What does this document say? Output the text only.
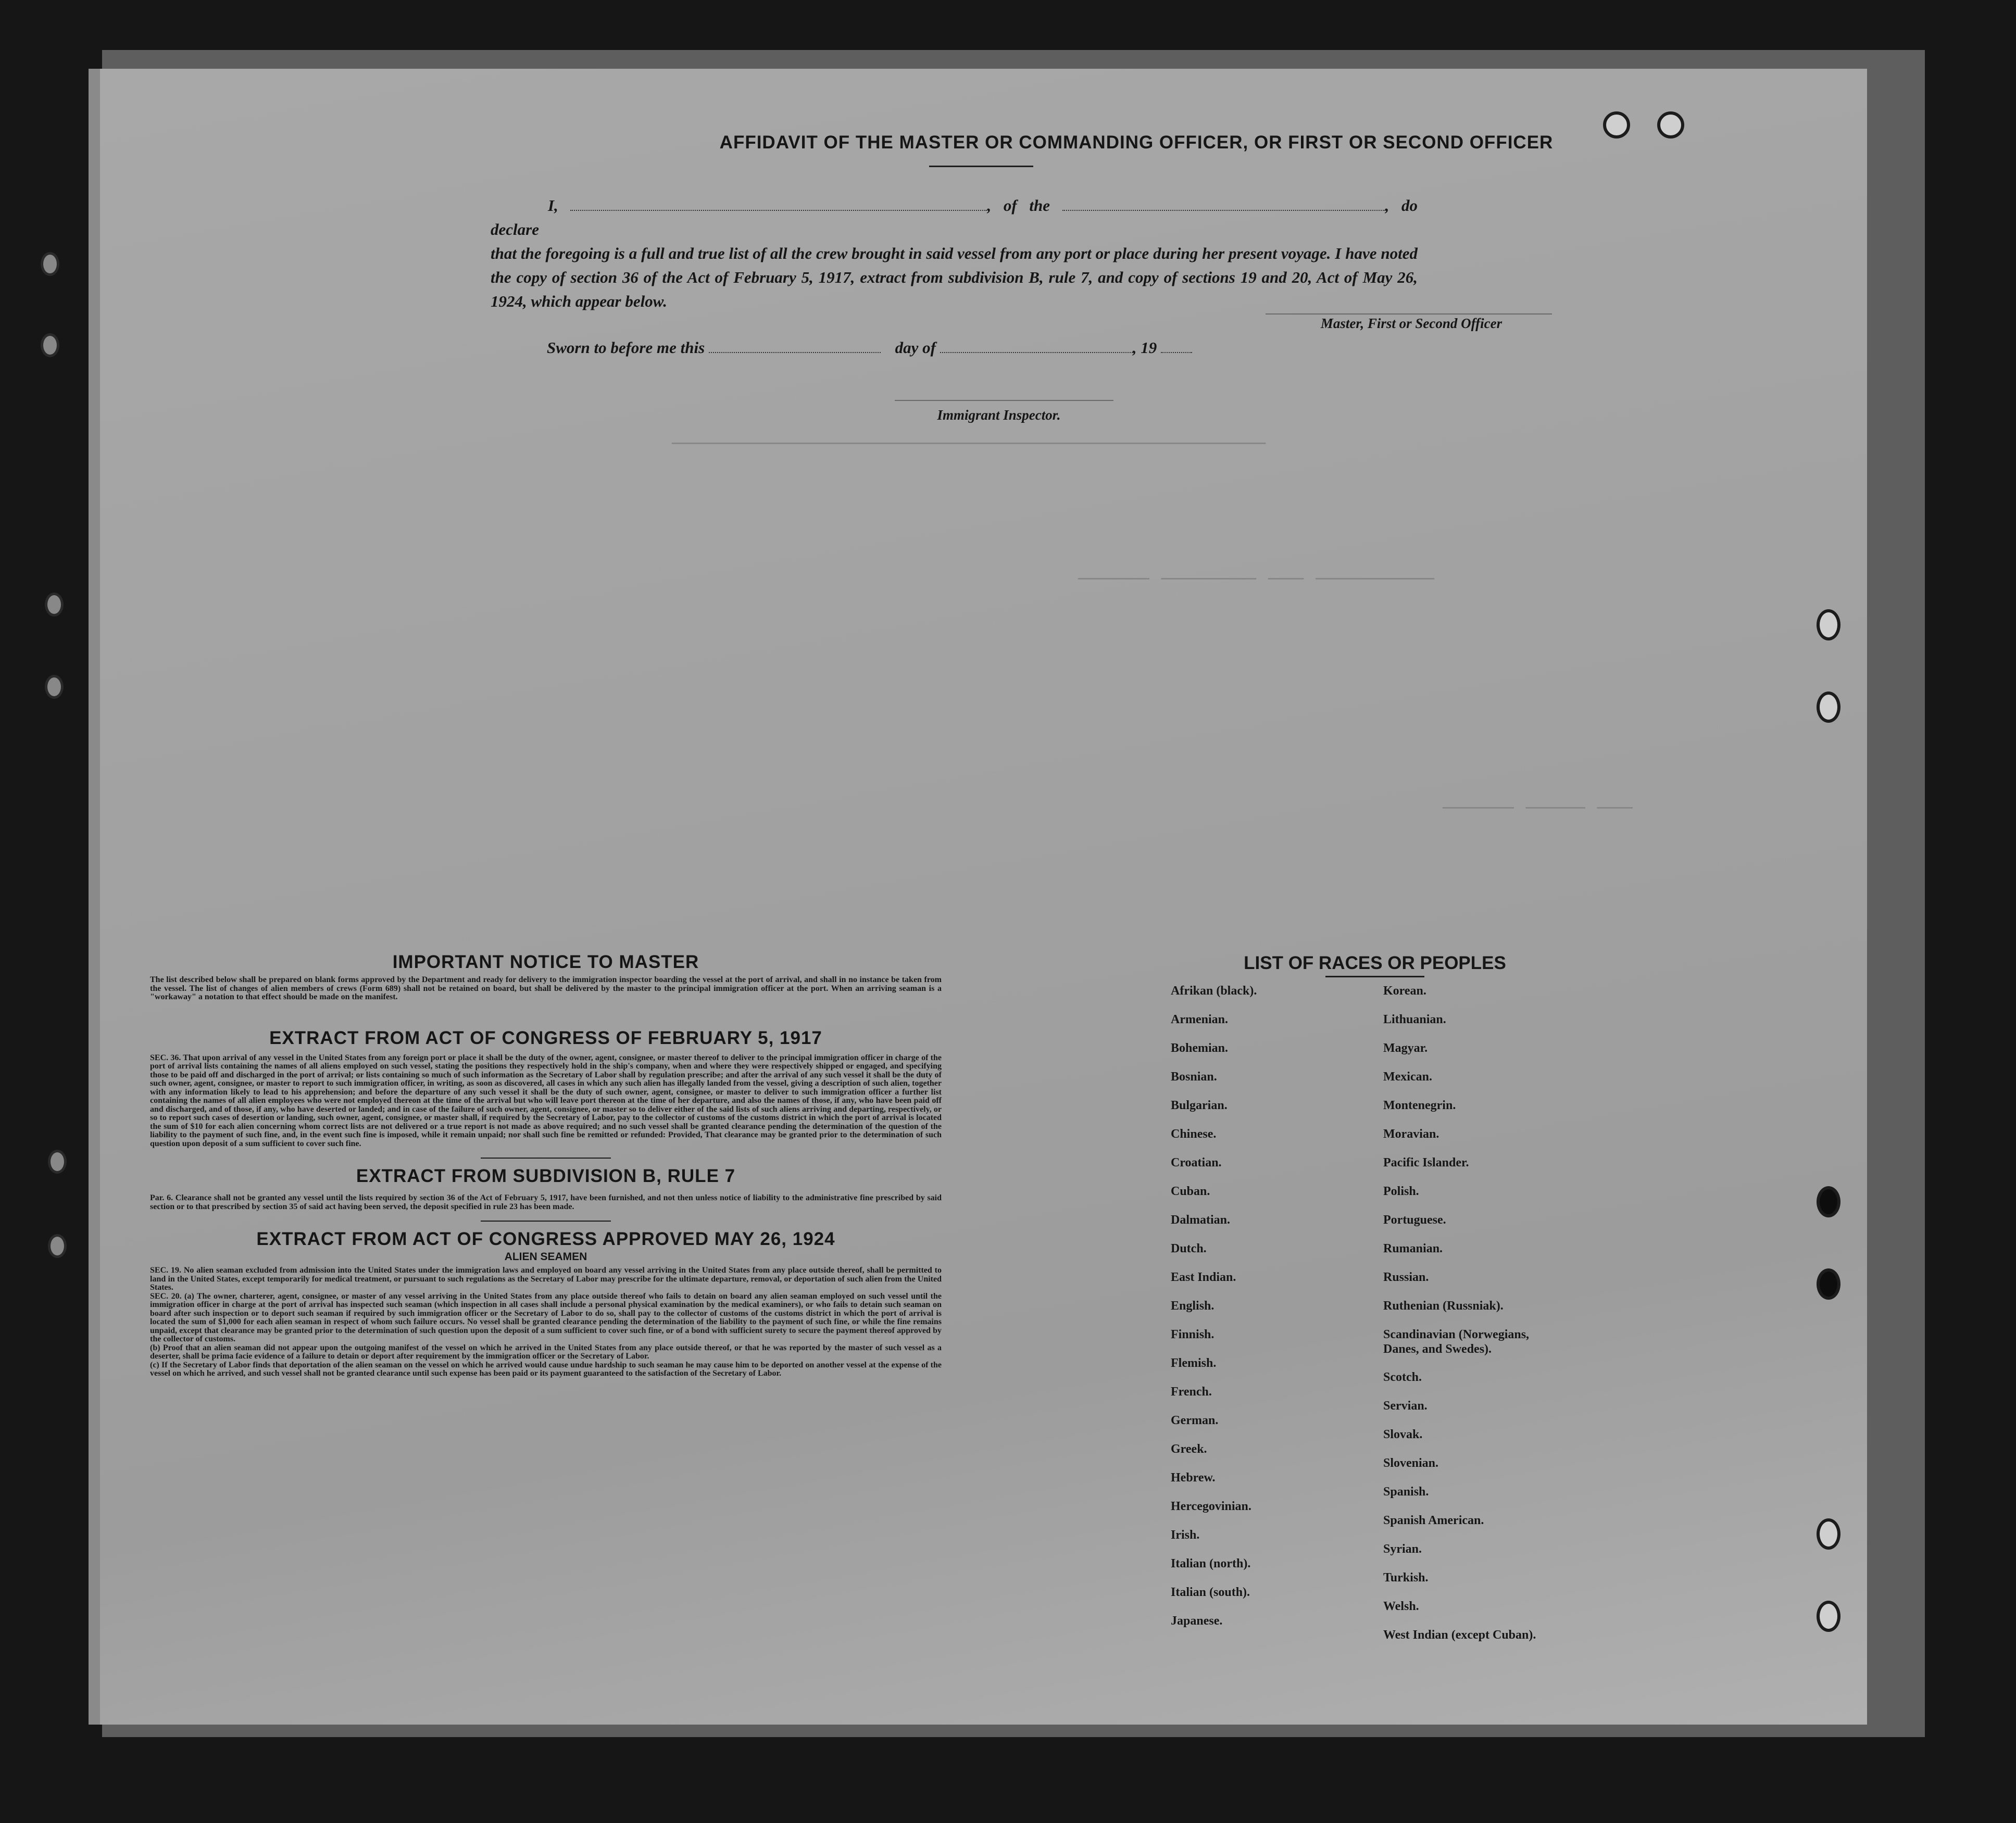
──────────────────────────────────────────────────
────── ──────── ─── ──────────
────── ───── ───
AFFIDAVIT OF THE MASTER OR COMMANDING OFFICER, OR FIRST OR SECOND OFFICER
I,	, of the	, do declare
that the foregoing is a full and true list of all the crew brought in said vessel from any port or place during her present voyage. I have noted the copy of section 36 of the Act of February 5, 1917, extract from subdivision B, rule 7, and copy of sections 19 and 20, Act of May 26, 1924, which appear below.
Master, First or Second Officer
Sworn to before me this	day of	, 19
Immigrant Inspector.
IMPORTANT NOTICE TO MASTER

The list described below shall be prepared on blank forms approved by the Department and ready for delivery to the immigration inspector boarding the vessel at the port of arrival, and shall in no instance be taken from the vessel. The list of changes of alien members of crews (Form 689) shall not be retained on board, but shall be delivered by the master to the principal immigration officer at the port. When an arriving seaman is a "workaway" a notation to that effect should be made on the manifest.

EXTRACT FROM ACT OF CONGRESS OF FEBRUARY 5, 1917

SEC. 36. That upon arrival of any vessel in the United States from any foreign port or place it shall be the duty of the owner, agent, consignee, or master thereof to deliver to the principal immigration officer in charge of the port of arrival lists containing the names of all aliens employed on such vessel, stating the positions they respectively hold in the ship's company, when and where they were respectively shipped or engaged, and specifying those to be paid off and discharged in the port of arrival; or lists containing so much of such information as the Secretary of Labor shall by regulation prescribe; and after the arrival of any such vessel it shall be the duty of such owner, agent, consignee, or master to report to such immigration officer, in writing, as soon as discovered, all cases in which any such alien has illegally landed from the vessel, giving a description of such alien, together with any information likely to lead to his apprehension; and before the departure of any such vessel it shall be the duty of such owner, agent, consignee, or master to deliver to such immigration officer a further list containing the names of all alien employees who were not employed thereon at the time of the arrival but who will leave port thereon at the time of her departure, and also the names of those, if any, who have been paid off and discharged, and of those, if any, who have deserted or landed; and in case of the failure of such owner, agent, consignee, or master so to deliver either of the said lists of such aliens arriving and departing, respectively, or so to report such cases of desertion or landing, such owner, agent, consignee, or master shall, if required by the Secretary of Labor, pay to the collector of customs of the customs district in which the port of arrival is located the sum of $10 for each alien concerning whom correct lists are not delivered or a true report is not made as above required; and no such vessel shall be granted clearance pending the determination of the question of the liability to the payment of such fine, and, in the event such fine is imposed, while it remain unpaid; nor shall such fine be remitted or refunded: Provided, That clearance may be granted prior to the determination of such question upon deposit of a sum sufficient to cover such fine.

EXTRACT FROM SUBDIVISION B, RULE 7

Par. 6. Clearance shall not be granted any vessel until the lists required by section 36 of the Act of February 5, 1917, have been furnished, and not then unless notice of liability to the administrative fine prescribed by said section or to that prescribed by section 35 of said act having been served, the deposit specified in rule 23 has been made.

EXTRACT FROM ACT OF CONGRESS APPROVED MAY 26, 1924
ALIEN SEAMEN

SEC. 19. No alien seaman excluded from admission into the United States under the immigration laws and employed on board any vessel arriving in the United States from any place outside thereof, shall be permitted to land in the United States, except temporarily for medical treatment, or pursuant to such regulations as the Secretary of Labor may prescribe for the ultimate departure, removal, or deportation of such alien from the United States.

SEC. 20. (a) The owner, charterer, agent, consignee, or master of any vessel arriving in the United States from any place outside thereof who fails to detain on board any alien seaman employed on such vessel until the immigration officer in charge at the port of arrival has inspected such seaman (which inspection in all cases shall include a personal physical examination by the medical examiners), or who fails to detain such seaman on board after such inspection or to deport such seaman if required by such immigration officer or the Secretary of Labor to do so, shall pay to the collector of customs of the customs district in which the port of arrival is located the sum of $1,000 for each alien seaman in respect of whom such failure occurs. No vessel shall be granted clearance pending the determination of the liability to the payment of such fine, or while the fine remains unpaid, except that clearance may be granted prior to the determination of such question upon the deposit of a sum sufficient to cover such fine, or of a bond with sufficient surety to secure the payment thereof approved by the collector of customs.

(b) Proof that an alien seaman did not appear upon the outgoing manifest of the vessel on which he arrived in the United States from any place outside thereof, or that he was reported by the master of such vessel as a deserter, shall be prima facie evidence of a failure to detain or deport after requirement by the immigration officer or the Secretary of Labor.

(c) If the Secretary of Labor finds that deportation of the alien seaman on the vessel on which he arrived would cause undue hardship to such seaman he may cause him to be deported on another vessel at the expense of the vessel on which he arrived, and such vessel shall not be granted clearance until such expense has been paid or its payment guaranteed to the satisfaction of the Secretary of Labor.

LIST OF RACES OR PEOPLES
Afrikan (black).
Armenian.
Bohemian.
Bosnian.
Bulgarian.
Chinese.
Croatian.
Cuban.
Dalmatian.
Dutch.
East Indian.
English.
Finnish.
Flemish.
French.
German.
Greek.
Hebrew.
Hercegovinian.
Irish.
Italian (north).
Italian (south).
Japanese.
Korean.
Lithuanian.
Magyar.
Mexican.
Montenegrin.
Moravian.
Pacific Islander.
Polish.
Portuguese.
Rumanian.
Russian.
Ruthenian (Russniak).
Scandinavian (Norwegians,
Danes, and Swedes).
Scotch.
Servian.
Slovak.
Slovenian.
Spanish.
Spanish American.
Syrian.
Turkish.
Welsh.
West Indian (except Cuban).
